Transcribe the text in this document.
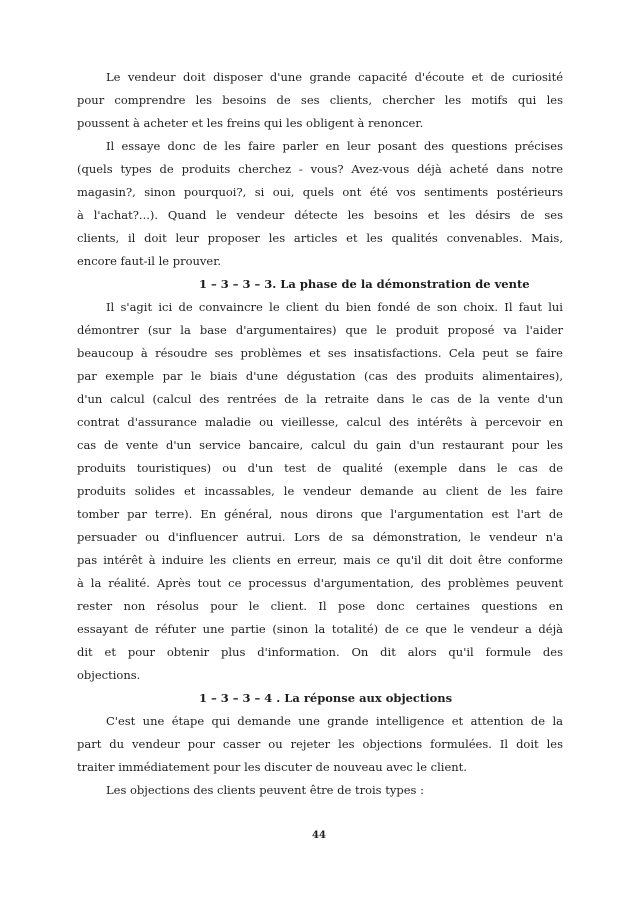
Le vendeur doit disposer d'une grande capacité d'écoute et de curiosité
pour comprendre les besoins de ses clients, chercher les motifs qui les
poussent à acheter et les freins qui les obligent à renoncer.
Il essaye donc de les faire parler en leur posant des questions précises
(quels types de produits cherchez - vous? Avez-vous déjà acheté dans notre
magasin?, sinon pourquoi?, si oui, quels ont été vos sentiments postérieurs
à l'achat?...). Quand le vendeur détecte les besoins et les désirs de ses
clients, il doit leur proposer les articles et les qualités convenables. Mais,
encore faut-il le prouver.
1 – 3 – 3 – 3. La phase de la démonstration de vente
Il s'agit ici de convaincre le client du bien fondé de son choix. Il faut lui
démontrer (sur la base d'argumentaires) que le produit proposé va l'aider
beaucoup à résoudre ses problèmes et ses insatisfactions. Cela peut se faire
par exemple par le biais d'une dégustation (cas des produits alimentaires),
d'un calcul (calcul des rentrées de la retraite dans le cas de la vente d'un
contrat d'assurance maladie ou vieillesse, calcul des intérêts à percevoir en
cas de vente d'un service bancaire, calcul du gain d'un restaurant pour les
produits touristiques) ou d'un test de qualité (exemple dans le cas de
produits solides et incassables, le vendeur demande au client de les faire
tomber par terre). En général, nous dirons que l'argumentation est l'art de
persuader ou d'influencer autrui. Lors de sa démonstration, le vendeur n'a
pas intérêt à induire les clients en erreur, mais ce qu'il dit doit être conforme
à la réalité. Après tout ce processus d'argumentation, des problèmes peuvent
rester non résolus pour le client. Il pose donc certaines questions en
essayant de réfuter une partie (sinon la totalité) de ce que le vendeur a déjà
dit et pour obtenir plus d'information. On dit alors qu'il formule des
objections.
1 – 3 – 3 – 4 . La réponse aux objections
C'est une étape qui demande une grande intelligence et attention de la
part du vendeur pour casser ou rejeter les objections formulées. Il doit les
traiter immédiatement pour les discuter de nouveau avec le client.
Les objections des clients peuvent être de trois types :
44
